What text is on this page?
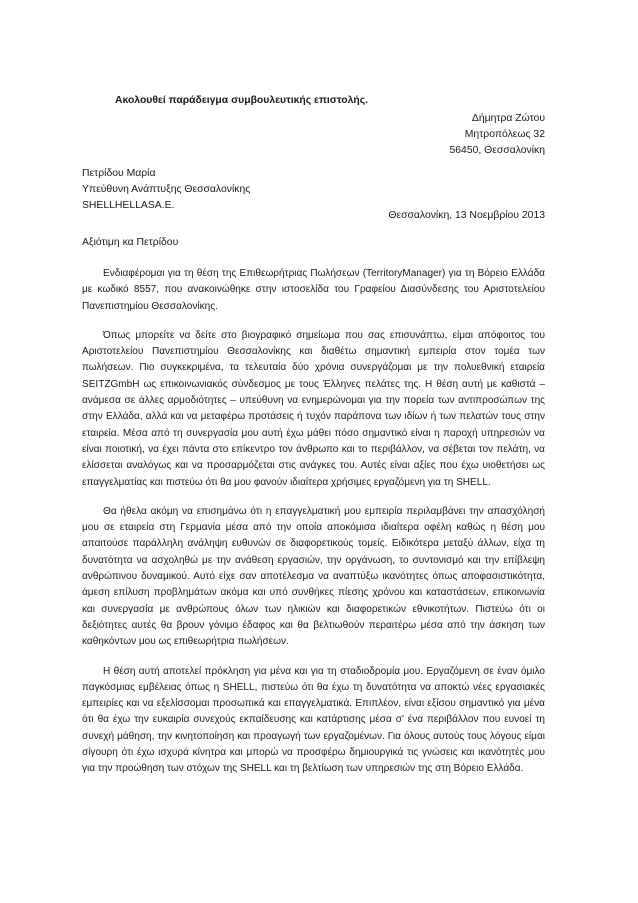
Ακολουθεί παράδειγμα συμβουλευτικής επιστολής.
Δήμητρα Ζώτου
Μητροπόλεως 32
56450, Θεσσαλονίκη
Πετρίδου Μαρία
Υπεύθυνη Ανάπτυξης Θεσσαλονίκης
SHELLHELLASA.E.
Θεσσαλονίκη, 13 Νοεμβρίου 2013
Αξιότιμη κα Πετρίδου

Ενδιαφέρομαι για τη θέση της Επιθεωρήτριας Πωλήσεων (TerritoryManager) για τη Βόρειο Ελλάδα με κωδικό 8557, που ανακοινώθηκε στην ιστοσελίδα του Γραφείου Διασύνδεσης του Αριστοτελείου Πανεπιστημίου Θεσσαλονίκης.

Όπως μπορείτε να δείτε στο βιογραφικό σημείωμα που σας επισυνάπτω, είμαι απόφοιτος του Αριστοτελείου Πανεπιστημίου Θεσσαλονίκης και διαθέτω σημαντική εμπειρία στον τομέα των πωλήσεων. Πιο συγκεκριμένα, τα τελευταία δύο χρόνια συνεργάζομαι με την πολυεθνική εταιρεία SEITZGmbH ως επικοινωνιακός σύνδεσμος με τους Έλληνες πελάτες της. Η θέση αυτή με καθιστά – ανάμεσα σε άλλες αρμοδιότητες – υπεύθυνη να ενημερώνομαι για την πορεία των αντιπροσώπων της στην Ελλάδα, αλλά και να μεταφέρω προτάσεις ή τυχόν παράπονα των ιδίων ή των πελατών τους στην εταιρεία. Μέσα από τη συνεργασία μου αυτή έχω μάθει πόσο σημαντικό είναι η παροχή υπηρεσιών να είναι ποιοτική, να έχει πάντα στο επίκεντρο τον άνθρωπο και το περιβάλλον, να σέβεται τον πελάτη, να ελίσσεται αναλόγως και να προσαρμόζεται στις ανάγκες του. Αυτές είναι αξίες που έχω υιοθετήσει ως επαγγελματίας και πιστεύω ότι θα μου φανούν ιδιαίτερα χρήσιμες εργαζόμενη για τη SHELL.

Θα ήθελα ακόμη να επισημάνω ότι η επαγγελματική μου εμπειρία περιλαμβάνει την απασχόλησή μου σε εταιρεία στη Γερμανία μέσα από την οποία αποκόμισα ιδιαίτερα οφέλη καθώς η θέση μου απαιτούσε παράλληλη ανάληψη ευθυνών σε διαφορετικούς τομείς. Ειδικότερα μεταξύ άλλων, είχα τη δυνατότητα να ασχοληθώ με την ανάθεση εργασιών, την οργάνωση, το συντονισμό και την επίβλεψη ανθρώπινου δυναμικού. Αυτό είχε σαν αποτέλεσμα να αναπτύξω ικανότητες όπως αποφασιστικότητα, άμεση επίλυση προβλημάτων ακόμα και υπό συνθήκες πίεσης χρόνου και καταστάσεων, επικοινωνία και συνεργασία με ανθρώπους όλων των ηλικιών και διαφορετικών εθνικοτήτων. Πιστεύω ότι οι δεξιότητες αυτές θα βρουν γόνιμο έδαφος και θα βελτιωθούν περαιτέρω μέσα από την άσκηση των καθηκόντων μου ως επιθεωρήτρια πωλήσεων.

Η θέση αυτή αποτελεί πρόκληση για μένα και για τη σταδιοδρομία μου. Εργαζόμενη σε έναν όμιλο παγκόσμιας εμβέλειας όπως η SHELL, πιστεύω ότι θα έχω τη δυνατότητα να αποκτώ νέες εργασιακές εμπειρίες και να εξελίσσομαι προσωπικά και επαγγελματικά. Επιπλέον, είναι εξίσου σημαντικό για μένα ότι θα έχω την ευκαιρία συνεχούς εκπαίδευσης και κατάρτισης μέσα σ’ ένα περιβάλλον που ευνοεί τη συνεχή μάθηση, την κινητοποίηση και προαγωγή των εργαζομένων. Για όλους αυτούς τους λόγους είμαι σίγουρη ότι έχω ισχυρά κίνητρα και μπορώ να προσφέρω δημιουργικά τις γνώσεις και ικανότητές μου για την προώθηση των στόχων της SHELL και τη βελτίωση των υπηρεσιών της στη Βόρειο Ελλάδα.
